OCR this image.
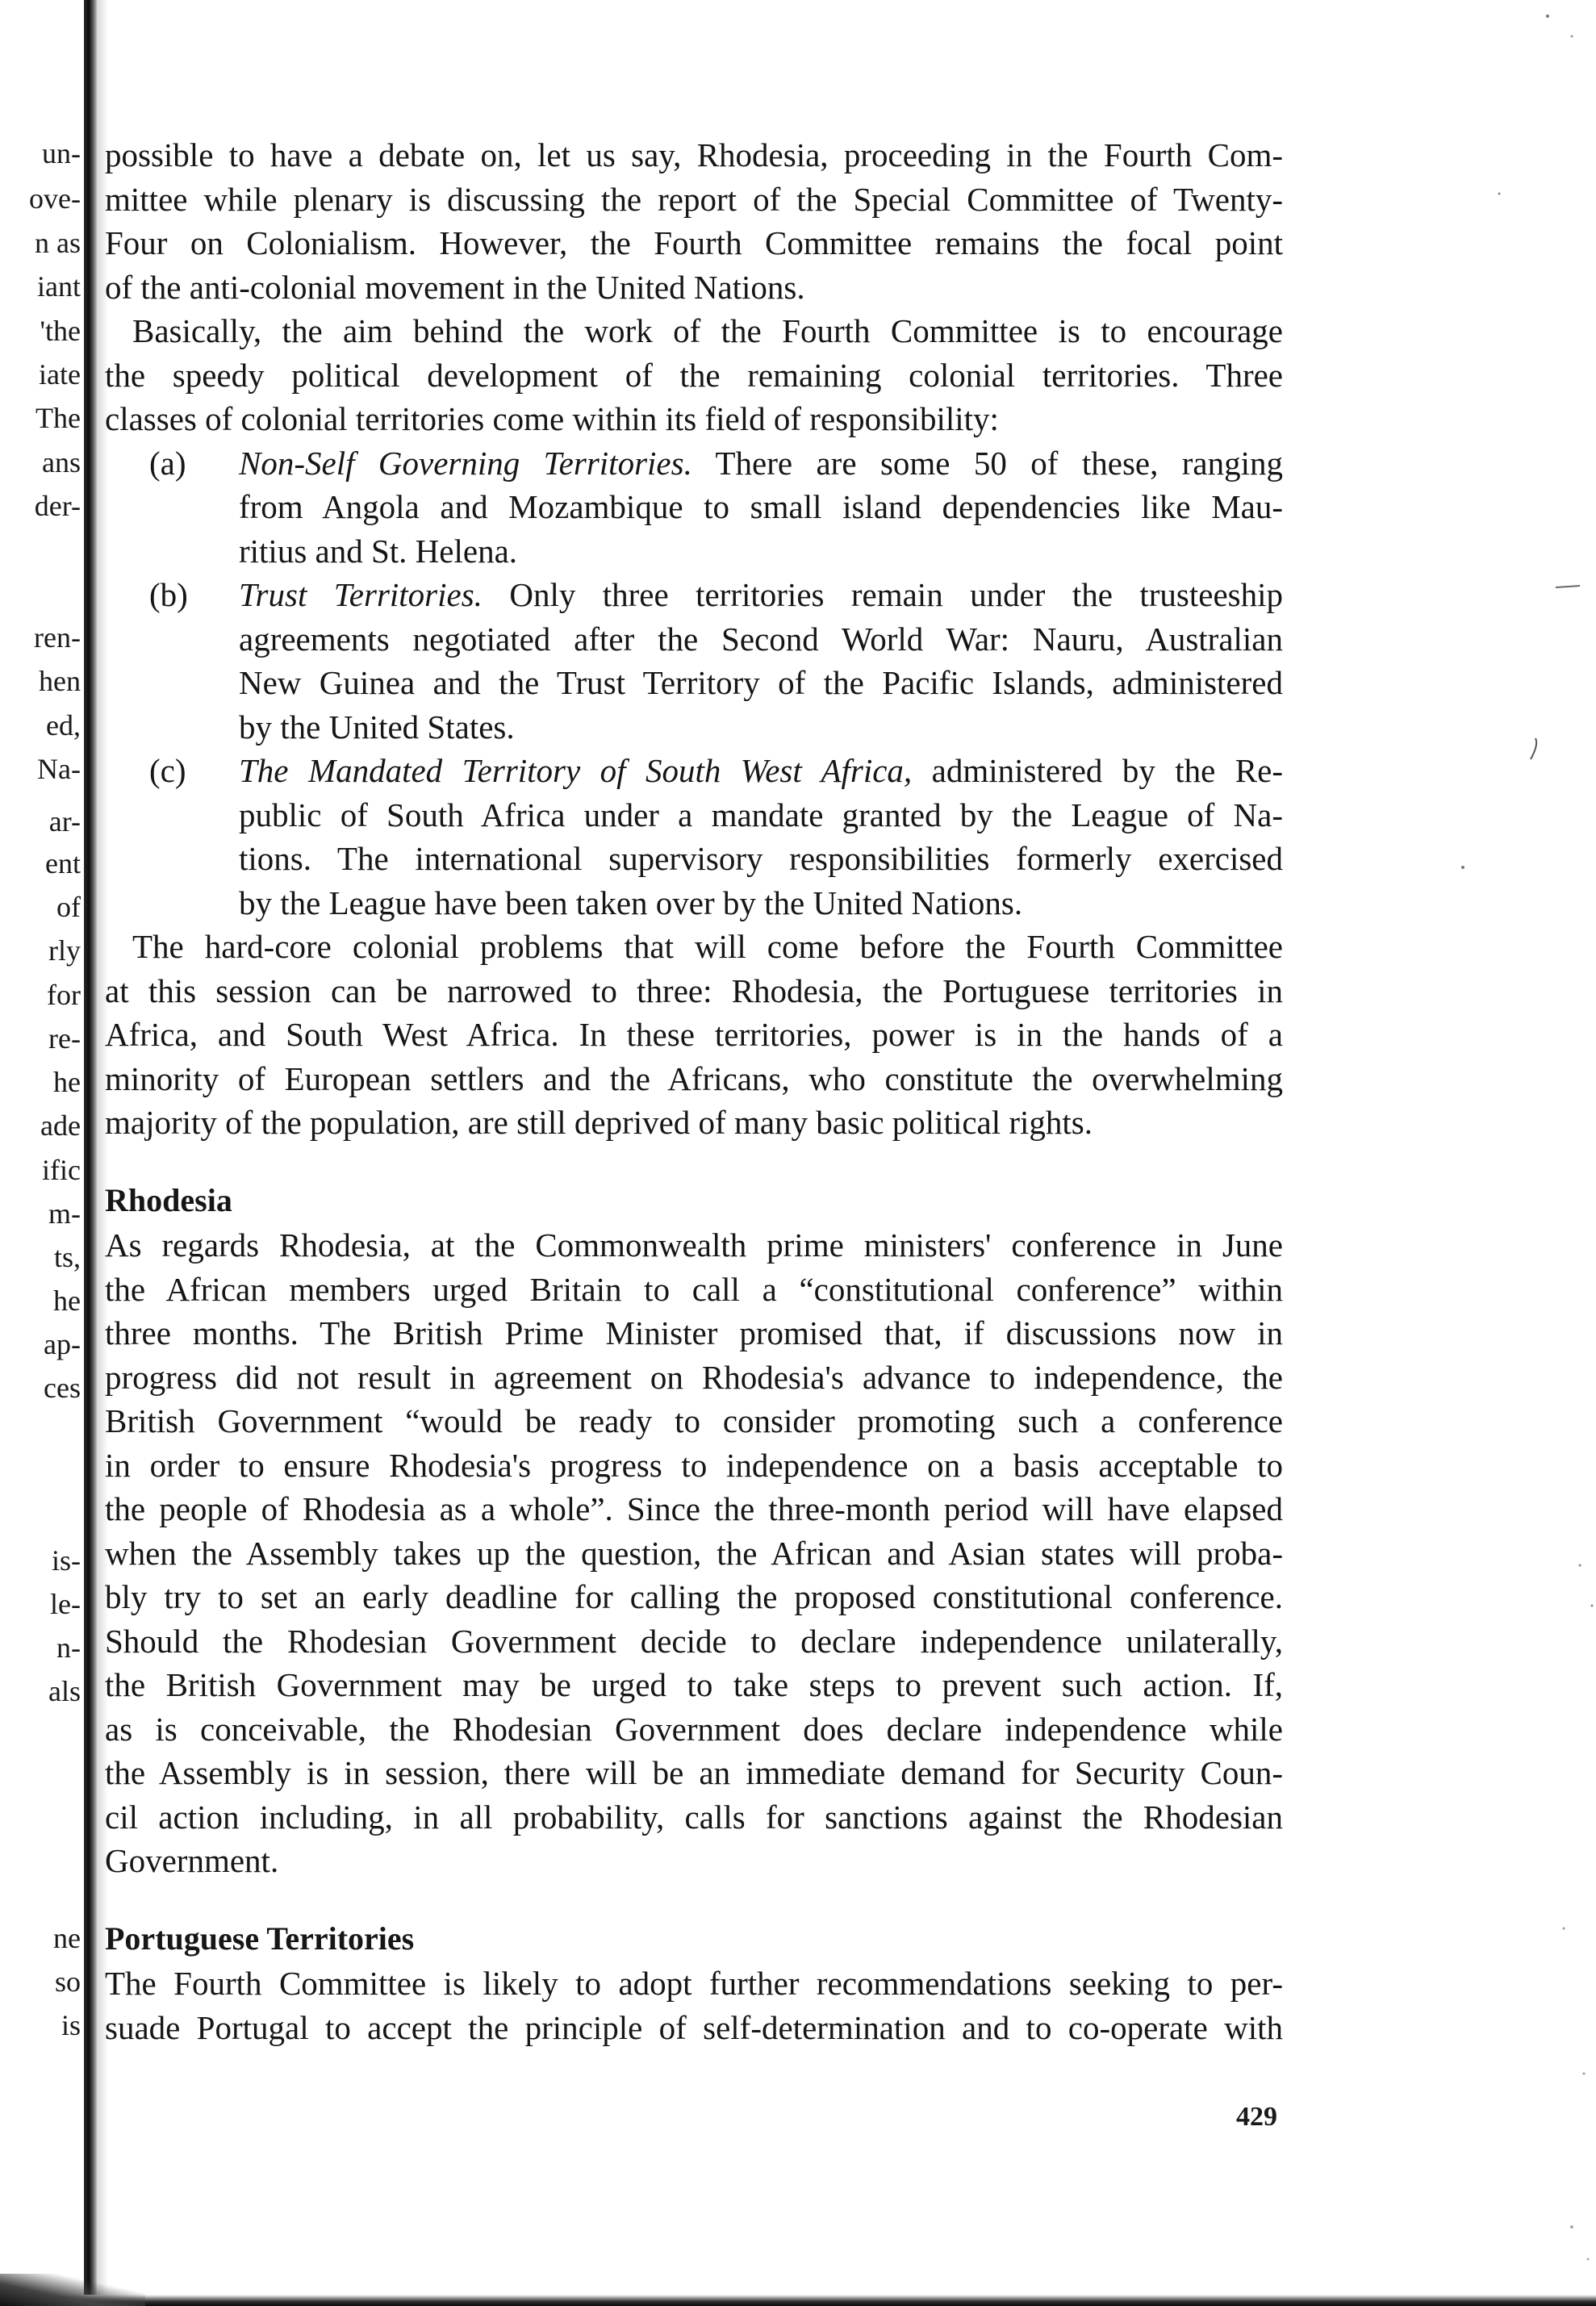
un-
ove-
n as
iant
'the
iate
The
ans
der-
ren-
hen
ed,
Na-
ar-
ent
of
rly
for
re-
he
ade
ific
m-
ts,
he
ap-
ces
is-
le-
n-
als
ne
so
is
possible to have a debate on, let us say, Rhodesia, proceeding in the Fourth Com-
mittee while plenary is discussing the report of the Special Committee of Twenty-
Four on Colonialism. However, the Fourth Committee remains the focal point
of the anti-colonial movement in the United Nations.
Basically, the aim behind the work of the Fourth Committee is to encourage
the speedy political development of the remaining colonial territories. Three
classes of colonial territories come within its field of responsibility:
(a) Non-Self Governing Territories. There are some 50 of these, ranging
from Angola and Mozambique to small island dependencies like Mau-
ritius and St. Helena.
(b) Trust Territories. Only three territories remain under the trusteeship
agreements negotiated after the Second World War: Nauru, Australian
New Guinea and the Trust Territory of the Pacific Islands, administered
by the United States.
(c) The Mandated Territory of South West Africa, administered by the Re-
public of South Africa under a mandate granted by the League of Na-
tions. The international supervisory responsibilities formerly exercised
by the League have been taken over by the United Nations.
The hard-core colonial problems that will come before the Fourth Committee
at this session can be narrowed to three: Rhodesia, the Portuguese territories in
Africa, and South West Africa. In these territories, power is in the hands of a
minority of European settlers and the Africans, who constitute the overwhelming
majority of the population, are still deprived of many basic political rights.
Rhodesia
As regards Rhodesia, at the Commonwealth prime ministers' conference in June
the African members urged Britain to call a “constitutional conference” within
three months. The British Prime Minister promised that, if discussions now in
progress did not result in agreement on Rhodesia's advance to independence, the
British Government “would be ready to consider promoting such a conference
in order to ensure Rhodesia's progress to independence on a basis acceptable to
the people of Rhodesia as a whole”. Since the three-month period will have elapsed
when the Assembly takes up the question, the African and Asian states will proba-
bly try to set an early deadline for calling the proposed constitutional conference.
Should the Rhodesian Government decide to declare independence unilaterally,
the British Government may be urged to take steps to prevent such action. If,
as is conceivable, the Rhodesian Government does declare independence while
the Assembly is in session, there will be an immediate demand for Security Coun-
cil action including, in all probability, calls for sanctions against the Rhodesian
Government.
Portuguese Territories
The Fourth Committee is likely to adopt further recommendations seeking to per-
suade Portugal to accept the principle of self-determination and to co-operate with
429
